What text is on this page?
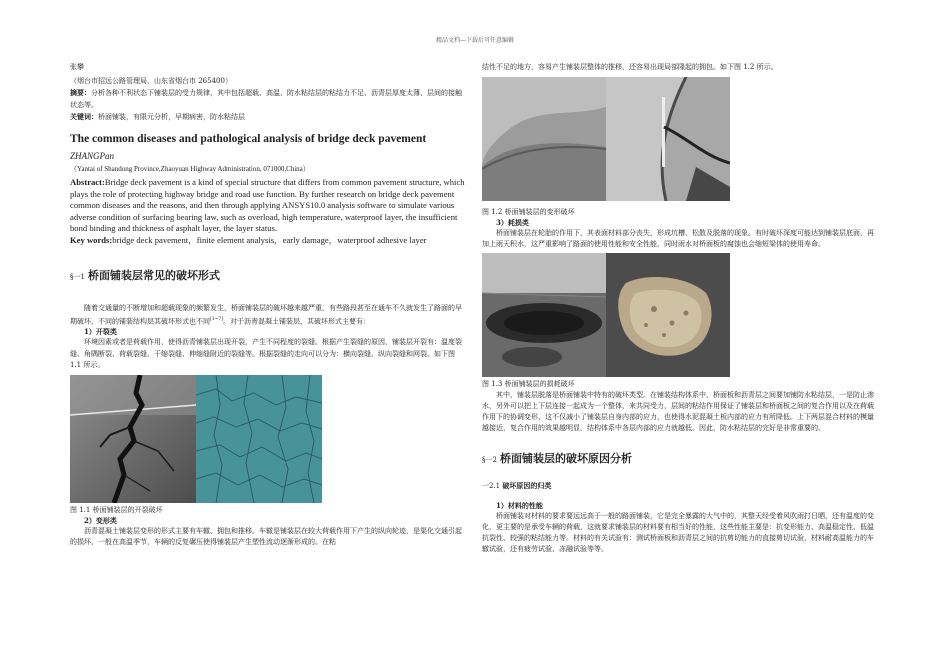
精品文档---下载后可任意编辑

张攀

（烟台市招远公路管理局，山东省烟台市 265400）

摘要：分析各种不利状态下铺装层的受力规律，其中包括超载、高温、防水粘结层的粘结力不足、沥青层厚度太薄、层间的接触状态等。

关键词：桥面铺装，有限元分析，早期病害，防水粘结层

The common diseases and pathological analysis of bridge deck pavement
ZHANGPan
（Yantai of Shandong Province,Zhaoyuan Highway Administration, 071000,China）

Abstract:Bridge deck pavement is a kind of special structure that differs from common pavement structure, which plays the role of protecting highway bridge and road use function. By further research on bridge deck pavement common diseases and the reasons, and then through applying ANSYS10.0 analysis software to simulate various adverse condition of surfacing bearing law, such as overload, high temperature, waterproof layer, the insufficient bond binding and thickness of asphalt layer, the layer status.

Key words:bridge deck pavement，finite element analysis，early damage，waterproof adhesive layer

§一1 桥面铺装层常见的破坏形式

随着交通量的不断增加和超载现象的频繁发生，桥面铺装层的破坏越来越严重，有些路段甚至在通车不久就发生了路面的早期破坏，不同的铺装结构层其破坏形式也不同[1~7]。对于沥青混凝土铺装层，其破坏形式主要有：

1）开裂类

环境因素或者是荷载作用，使得沥青铺装层出现开裂，产生不同程度的裂缝。根据产生裂缝的原因，铺装层开裂有：温度裂缝、角隅断裂、荷载裂缝、干缩裂缝、伸缩缝附近的裂缝等。根据裂缝的走向可以分为：横向裂缝、纵向裂缝和网裂。如下图 1.1 所示。

图 1.1 桥面铺装层的开裂破坏

2）变形类

沥青混凝土铺装层变形的形式主要有车辙、拥包和推移。车辙是铺装层在较大荷载作用下产生的纵向轮迹，是渠化交通引起的损坏，一般在高温季节，车辆的反复碾压使得铺装层产生塑性流动逐渐形成的。在粘

结性不足的地方，容易产生铺装层整体的推移，还容易出现局部隆起的拥包。如下图 1.2 所示。

图 1.2 桥面铺装层的变形破坏

3）耗损类

桥面铺装层在轮胎的作用下，其表面材料部分丧失，形成坑槽、松散及脱落的现象。有时破坏深度可能达到铺装层底面，再加上雨天积水，这严重影响了路面的使用性能和安全性能，同时雨水对桥面板的腐蚀也会缩短梁体的使用寿命。

图 1.3 桥面铺装层的损耗破坏

其中，铺装层脱落是桥面铺装中特有的破坏类型。在铺装结构体系中，桥面板和沥青层之间要加铺防水粘结层，一是防止渗水，另外可以把上下层连接一起成为一个整体，来共同受力，层间的粘结作用保证了铺装层和桥面板之间的复合作用以及在荷载作用下的协调变形，这不仅减小了铺装层自身内部的应力，也使得水泥混凝土板内部的应力有所降低。上下两层混合材料的模量越接近，复合作用的效果越明显，结构体系中各层内部的应力就越低。因此，防水粘结层的完好是非常重要的。

§一2 桥面铺装层的破坏原因分析

一2.1 破坏原因的归类

1）材料的性能

桥面铺装对材料的要求要远远高于一般的路面铺装，它是完全暴露的大气中的，其整天经受着风吹雨打日晒，还有温度的变化，更主要的是承受车辆的荷载，这就要求铺装层的材料要有相当好的性能，这些性能主要是：抗变形能力、高温稳定性、低温抗裂性、较强的粘结能力等。材料的有关试验有：测试桥面板和沥青层之间的抗剪切能力的直接剪切试验，材料耐高温能力的车辙试验，还有疲劳试验、冻融试验等等。
